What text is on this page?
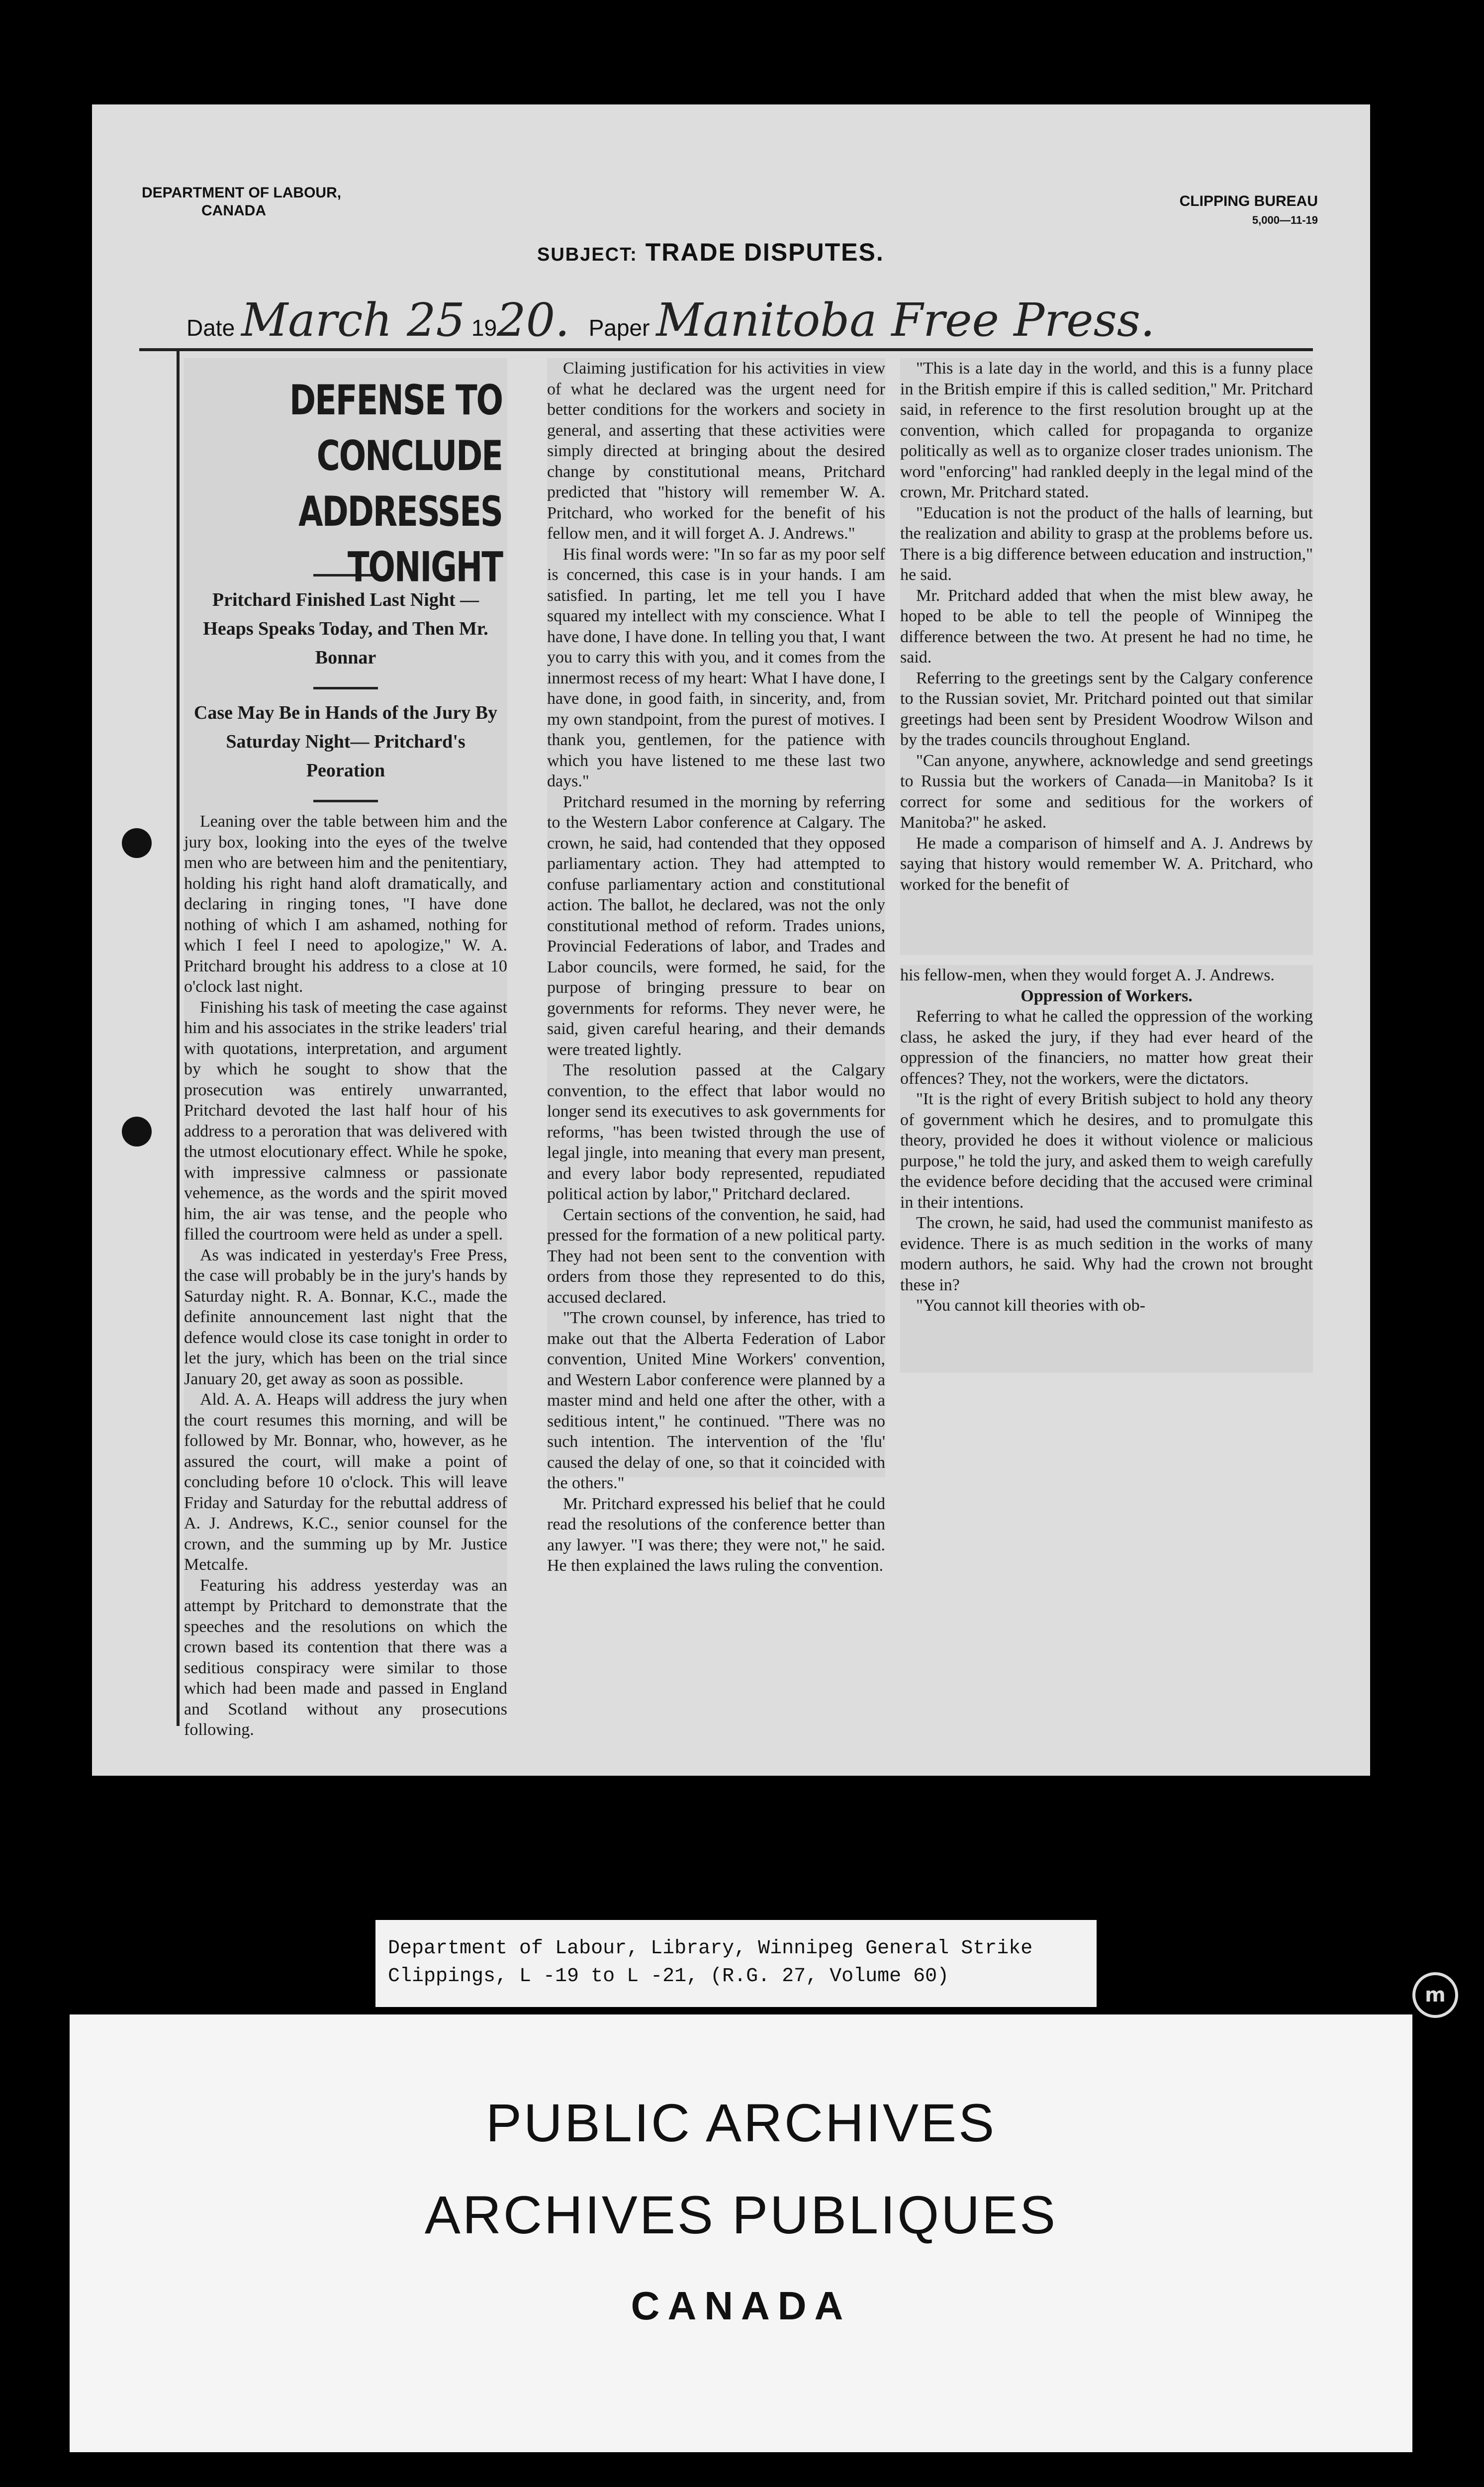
DEPARTMENT OF LABOUR,
CANADA
CLIPPING BUREAU
5,000—11-19
SUBJECT: TRADE DISPUTES.
Date March 25 1920. Paper Manitoba Free Press.
DEFENSE TO CONCLUDE
ADDRESSES TONIGHT
Pritchard Finished Last Night —Heaps Speaks Today, and Then Mr. Bonnar
Case May Be in Hands of the Jury By Saturday Night— Pritchard's Peoration

Leaning over the table between him and the jury box, looking into the eyes of the twelve men who are between him and the penitentiary, holding his right hand aloft dramatically, and declaring in ringing tones, "I have done nothing of which I am ashamed, nothing for which I feel I need to apologize," W. A. Pritchard brought his address to a close at 10 o'clock last night.

Finishing his task of meeting the case against him and his associates in the strike leaders' trial with quotations, interpretation, and argument by which he sought to show that the prosecution was entirely unwarranted, Pritchard devoted the last half hour of his address to a peroration that was delivered with the utmost elocutionary effect. While he spoke, with impressive calmness or passionate vehemence, as the words and the spirit moved him, the air was tense, and the people who filled the courtroom were held as under a spell.

As was indicated in yesterday's Free Press, the case will probably be in the jury's hands by Saturday night. R. A. Bonnar, K.C., made the definite announcement last night that the defence would close its case tonight in order to let the jury, which has been on the trial since January 20, get away as soon as possible.

Ald. A. A. Heaps will address the jury when the court resumes this morning, and will be followed by Mr. Bonnar, who, however, as he assured the court, will make a point of concluding before 10 o'clock. This will leave Friday and Saturday for the rebuttal address of A. J. Andrews, K.C., senior counsel for the crown, and the summing up by Mr. Justice Metcalfe.

Featuring his address yesterday was an attempt by Pritchard to demonstrate that the speeches and the resolutions on which the crown based its contention that there was a seditious conspiracy were similar to those which had been made and passed in England and Scotland without any prosecutions following.

Claiming justification for his activities in view of what he declared was the urgent need for better conditions for the workers and society in general, and asserting that these activities were simply directed at bringing about the desired change by constitutional means, Pritchard predicted that "history will remember W. A. Pritchard, who worked for the benefit of his fellow men, and it will forget A. J. Andrews."

His final words were: "In so far as my poor self is concerned, this case is in your hands. I am satisfied. In parting, let me tell you I have squared my intellect with my conscience. What I have done, I have done. In telling you that, I want you to carry this with you, and it comes from the innermost recess of my heart: What I have done, I have done, in good faith, in sincerity, and, from my own standpoint, from the purest of motives. I thank you, gentlemen, for the patience with which you have listened to me these last two days."

Pritchard resumed in the morning by referring to the Western Labor conference at Calgary. The crown, he said, had contended that they opposed parliamentary action. They had attempted to confuse parliamentary action and constitutional action. The ballot, he declared, was not the only constitutional method of reform. Trades unions, Provincial Federations of labor, and Trades and Labor councils, were formed, he said, for the purpose of bringing pressure to bear on governments for reforms. They never were, he said, given careful hearing, and their demands were treated lightly.

The resolution passed at the Calgary convention, to the effect that labor would no longer send its executives to ask governments for reforms, "has been twisted through the use of legal jingle, into meaning that every man present, and every labor body represented, repudiated political action by labor," Pritchard declared.

Certain sections of the convention, he said, had pressed for the formation of a new political party. They had not been sent to the convention with orders from those they represented to do this, accused declared.

"The crown counsel, by inference, has tried to make out that the Alberta Federation of Labor convention, United Mine Workers' convention, and Western Labor conference were planned by a master mind and held one after the other, with a seditious intent," he continued. "There was no such intention. The intervention of the 'flu' caused the delay of one, so that it coincided with the others."

Mr. Pritchard expressed his belief that he could read the resolutions of the conference better than any lawyer. "I was there; they were not," he said. He then explained the laws ruling the convention.

"This is a late day in the world, and this is a funny place in the British empire if this is called sedition," Mr. Pritchard said, in reference to the first resolution brought up at the convention, which called for propaganda to organize politically as well as to organize closer trades unionism. The word "enforcing" had rankled deeply in the legal mind of the crown, Mr. Pritchard stated.

"Education is not the product of the halls of learning, but the realization and ability to grasp at the problems before us. There is a big difference between education and instruction," he said.

Mr. Pritchard added that when the mist blew away, he hoped to be able to tell the people of Winnipeg the difference between the two. At present he had no time, he said.

Referring to the greetings sent by the Calgary conference to the Russian soviet, Mr. Pritchard pointed out that similar greetings had been sent by President Woodrow Wilson and by the trades councils throughout England.

"Can anyone, anywhere, acknowledge and send greetings to Russia but the workers of Canada—in Manitoba? Is it correct for some and seditious for the workers of Manitoba?" he asked.

He made a comparison of himself and A. J. Andrews by saying that history would remember W. A. Pritchard, who worked for the benefit of

his fellow-men, when they would forget A. J. Andrews.

Oppression of Workers.

Referring to what he called the oppression of the working class, he asked the jury, if they had ever heard of the oppression of the financiers, no matter how great their offences? They, not the workers, were the dictators.

"It is the right of every British subject to hold any theory of government which he desires, and to promulgate this theory, provided he does it without violence or malicious purpose," he told the jury, and asked them to weigh carefully the evidence before deciding that the accused were criminal in their intentions.

The crown, he said, had used the communist manifesto as evidence. There is as much sedition in the works of many modern authors, he said. Why had the crown not brought these in?

"You cannot kill theories with ob-

Department of Labour, Library, Winnipeg General Strike
Clippings, L -19 to L -21, (R.G. 27, Volume 60)
m
PUBLIC ARCHIVES
ARCHIVES PUBLIQUES
CANADA
